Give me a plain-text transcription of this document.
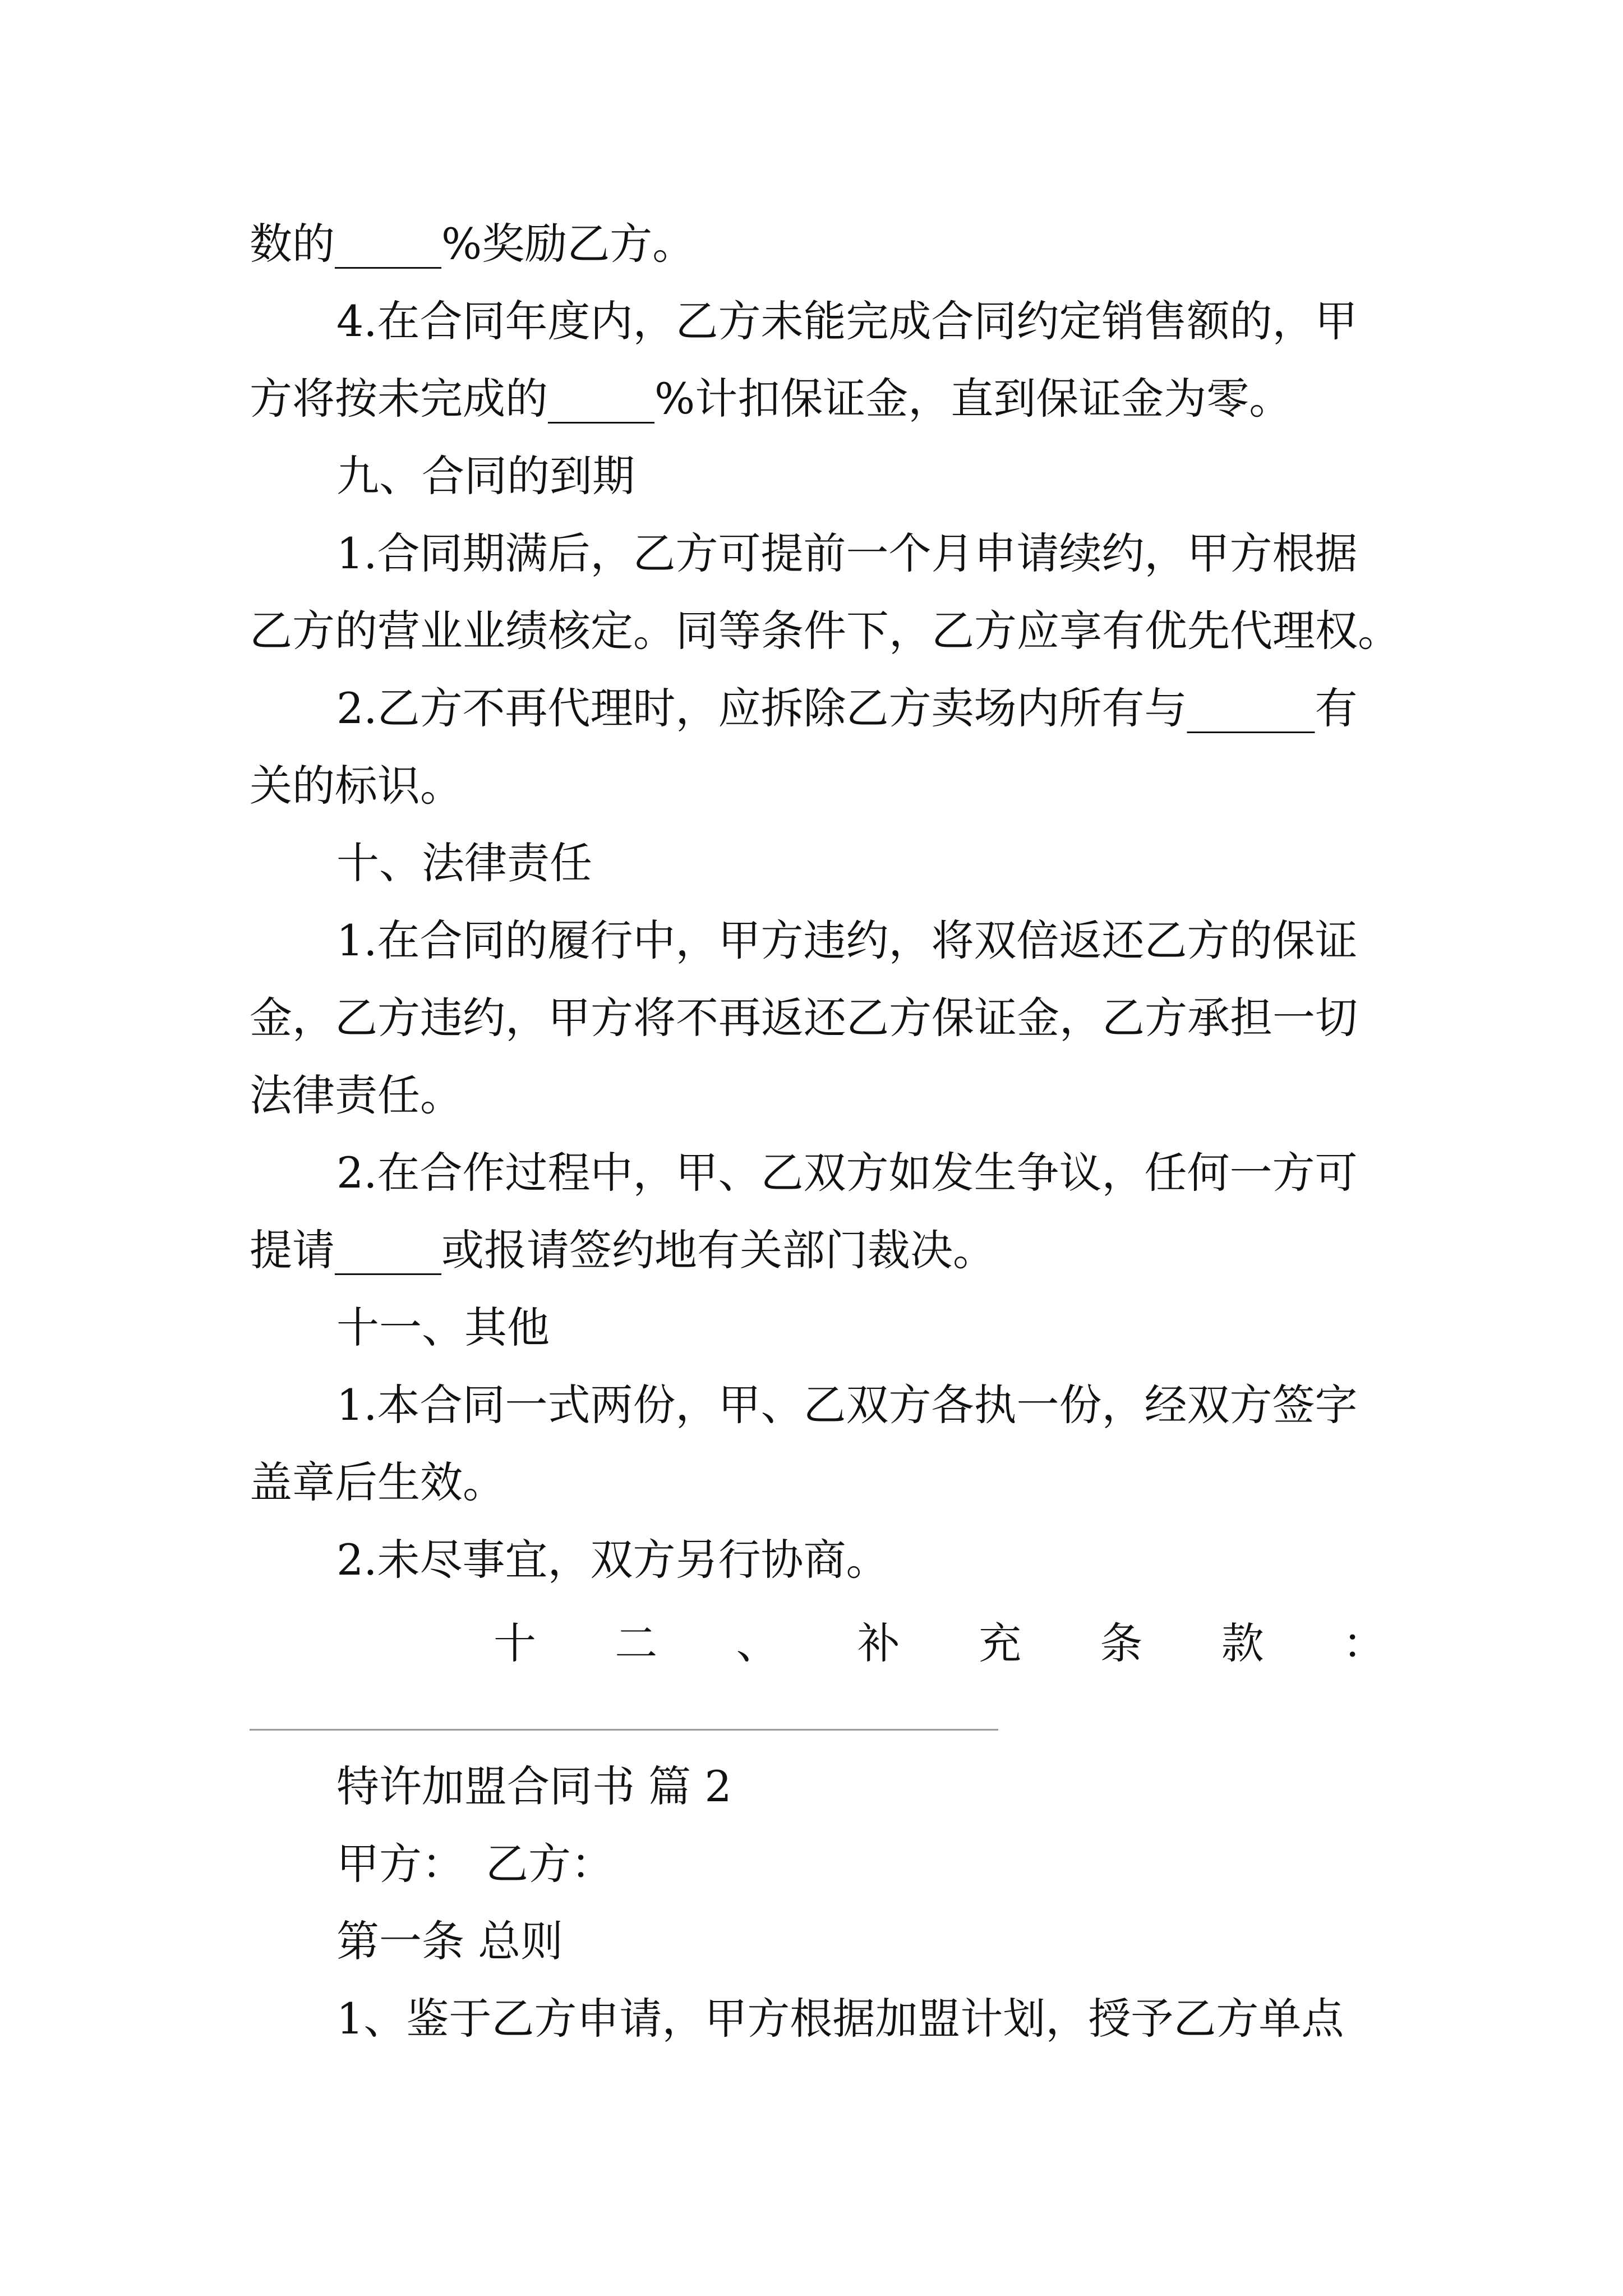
数的_____%奖励乙方。
4.在合同年度内，乙方未能完成合同约定销售额的，甲
方将按未完成的_____%计扣保证金，直到保证金为零。
九、合同的到期
1.合同期满后，乙方可提前一个月申请续约，甲方根据
乙方的营业业绩核定。同等条件下，乙方应享有优先代理权。
2.乙方不再代理时，应拆除乙方卖场内所有与______有
关的标识。
十、法律责任
1.在合同的履行中，甲方违约，将双倍返还乙方的保证
金，乙方违约，甲方将不再返还乙方保证金，乙方承担一切
法律责任。
2.在合作过程中，甲、乙双方如发生争议，任何一方可
提请_____或报请签约地有关部门裁决。
十一、其他
1.本合同一式两份，甲、乙双方各执一份，经双方签字
盖章后生效。
2.未尽事宜，双方另行协商。
十 二 、 补 充 条 款 ：
特许加盟合同书 篇 2
甲方：　乙方：
第一条 总则
1、鉴于乙方申请，甲方根据加盟计划，授予乙方单点
